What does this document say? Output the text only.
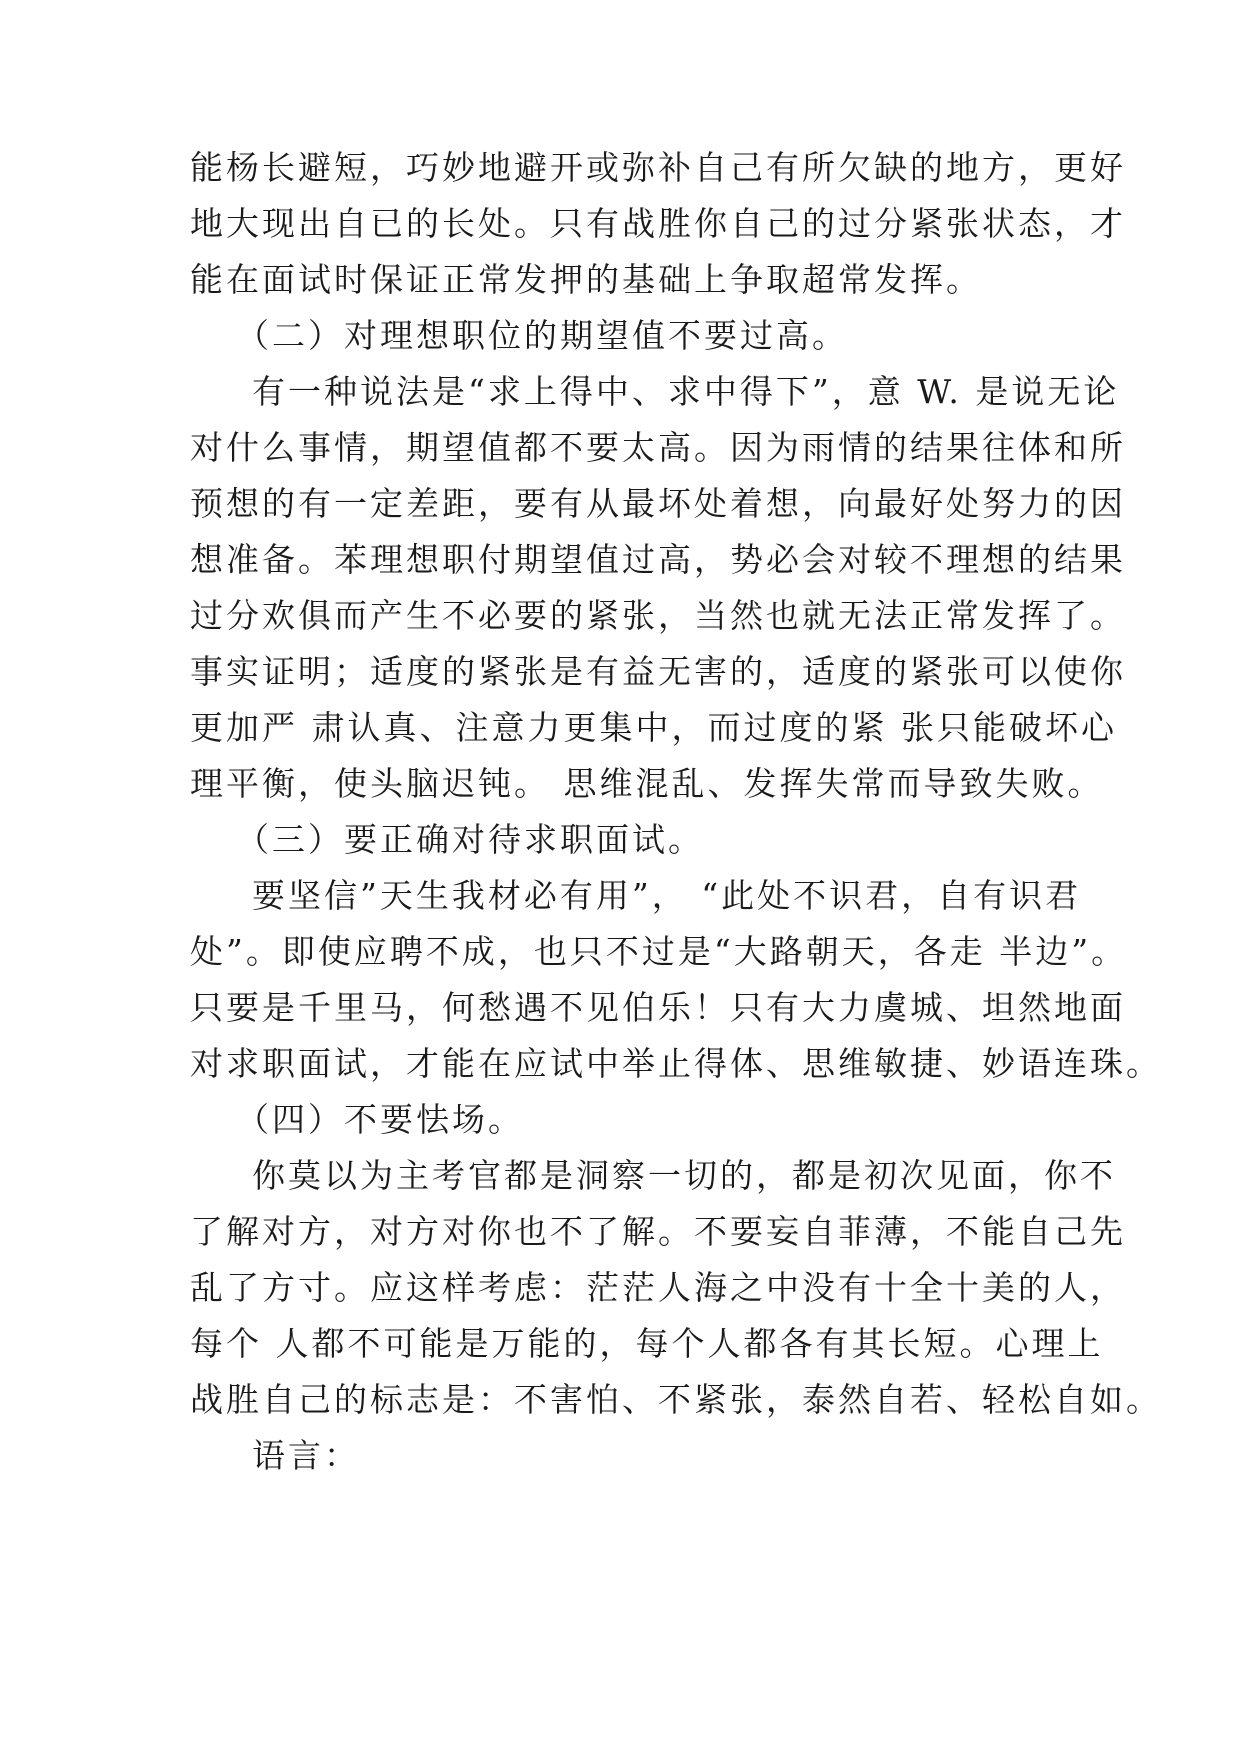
能杨长避短，巧妙地避开或弥补自己有所欠缺的地方，更好
地大现出自已的长处。只有战胜你自己的过分紧张状态，才
能在面试时保证正常发押的基础上争取超常发挥。
（二）对理想职位的期望值不要过高。
有一种说法是“求上得中、求中得下”，意 W. 是说无论
对什么事情，期望值都不要太高。因为雨情的结果往体和所
预想的有一定差距，要有从最坏处着想，向最好处努力的因
想准备。苯理想职付期望值过高，势必会对较不理想的结果
过分欢俱而产生不必要的紧张，当然也就无法正常发挥了。
事实证明；适度的紧张是有益无害的，适度的紧张可以使你
更加严 肃认真、注意力更集中，而过度的紧 张只能破坏心
理平衡，使头脑迟钝。 思维混乱、发挥失常而导致失败。
（三）要正确对待求职面试。
要坚信”天生我材必有用”， “此处不识君，自有识君
处”。即使应聘不成，也只不过是“大路朝天，各走 半边”。
只要是千里马，何愁遇不见伯乐！只有大力虞城、坦然地面
对求职面试，才能在应试中举止得体、思维敏捷、妙语连珠。
（四）不要怯场。
你莫以为主考官都是洞察一切的，都是初次见面，你不
了解对方，对方对你也不了解。不要妄自菲薄，不能自己先
乱了方寸。应这样考虑：茫茫人海之中没有十全十美的人，
每个 人都不可能是万能的，每个人都各有其长短。心理上
战胜自己的标志是：不害怕、不紧张，泰然自若、轻松自如。
语言：
